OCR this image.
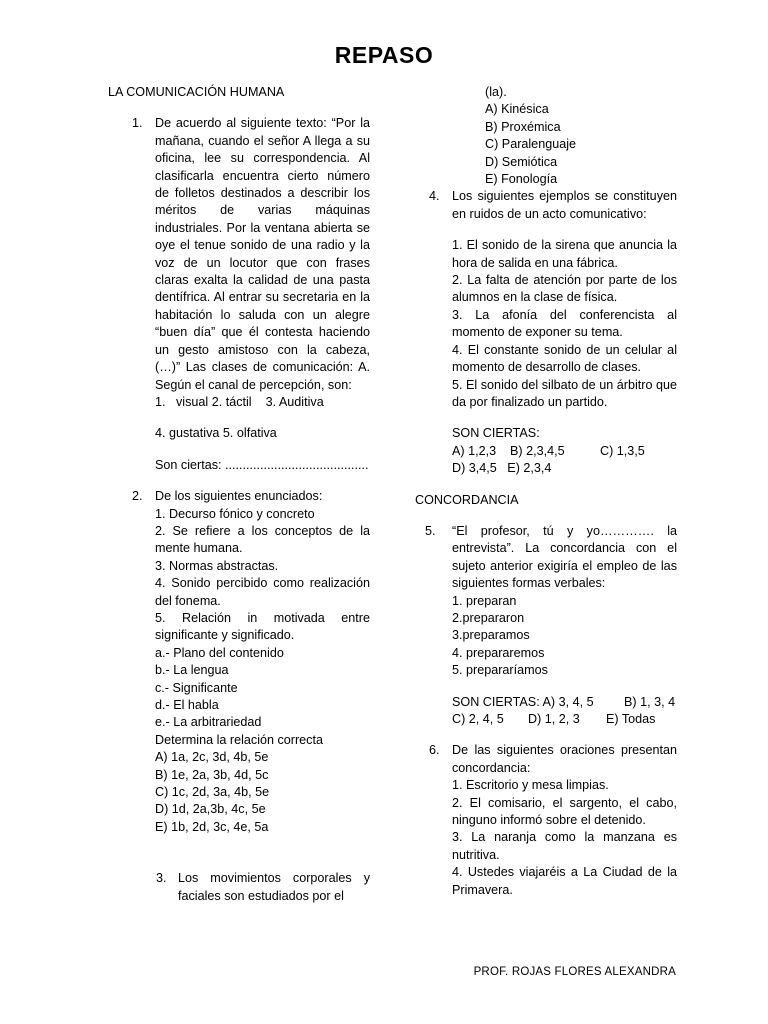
REPASO
LA COMUNICACIÓN HUMANA
1. De acuerdo al siguiente texto: “Por la mañana, cuando el señor A llega a su oficina, lee su correspondencia. Al clasificarla encuentra cierto número de folletos destinados a describir los méritos de varias máquinas industriales. Por la ventana abierta se oye el tenue sonido de una radio y la voz de un locutor que con frases claras exalta la calidad de una pasta dentífrica. Al entrar su secretaria en la habitación lo saluda con un alegre “buen día” que él contesta haciendo un gesto amistoso con la cabeza, (…)” Las clases de comunicación: A. Según el canal de percepción, son:
1.   visual 2. táctil    3. Auditiva
4. gustativa 5. olfativa
Son ciertas: .........................................
2. De los siguientes enunciados:
1. Decurso fónico y concreto
2. Se refiere a los conceptos de la mente humana.
3. Normas abstractas.
4. Sonido percibido como realización del fonema.
5. Relación in motivada entre significante y significado.
a.- Plano del contenido
b.- La lengua
c.- Significante
d.- El habla
e.- La arbitrariedad
Determina la relación correcta
A) 1a, 2c, 3d, 4b, 5e
B) 1e, 2a, 3b, 4d, 5c
C) 1c, 2d, 3a, 4b, 5e
D) 1d, 2a,3b, 4c, 5e
E) 1b, 2d, 3c, 4e, 5a
3. Los movimientos corporales y faciales son estudiados por el
(la).
A) Kinésica
B) Proxémica
C) Paralenguaje
D) Semiótica
E) Fonología
4. Los siguientes ejemplos se constituyen en ruidos de un acto comunicativo:
1. El sonido de la sirena que anuncia la hora de salida en una fábrica.
2. La falta de atención por parte de los alumnos en la clase de física.
3. La afonía del conferencista al momento de exponer su tema.
4. El constante sonido de un celular al momento de desarrollo de clases.
5. El sonido del silbato de un árbitro que da por finalizado un partido.
SON CIERTAS:
A) 1,2,3	B) 2,3,4,5	C) 1,3,5
D) 3,4,5   E) 2,3,4
CONCORDANCIA
5. “El profesor, tú y yo…………. la entrevista”. La concordancia con el sujeto anterior exigiría el empleo de las siguientes formas verbales:
1. preparan
2.prepararon
3.preparamos
4. prepararemos
5. prepararíamos
SON CIERTAS: A) 3, 4, 5	B) 1, 3, 4
C) 2, 4, 5	D) 1, 2, 3	E) Todas
6. De las siguientes oraciones presentan concordancia:
1. Escritorio y mesa limpias.
2. El comisario, el sargento, el cabo, ninguno informó sobre el detenido.
3. La naranja como la manzana es nutritiva.
4. Ustedes viajaréis a La Ciudad de la Primavera.
PROF. ROJAS FLORES ALEXANDRA
